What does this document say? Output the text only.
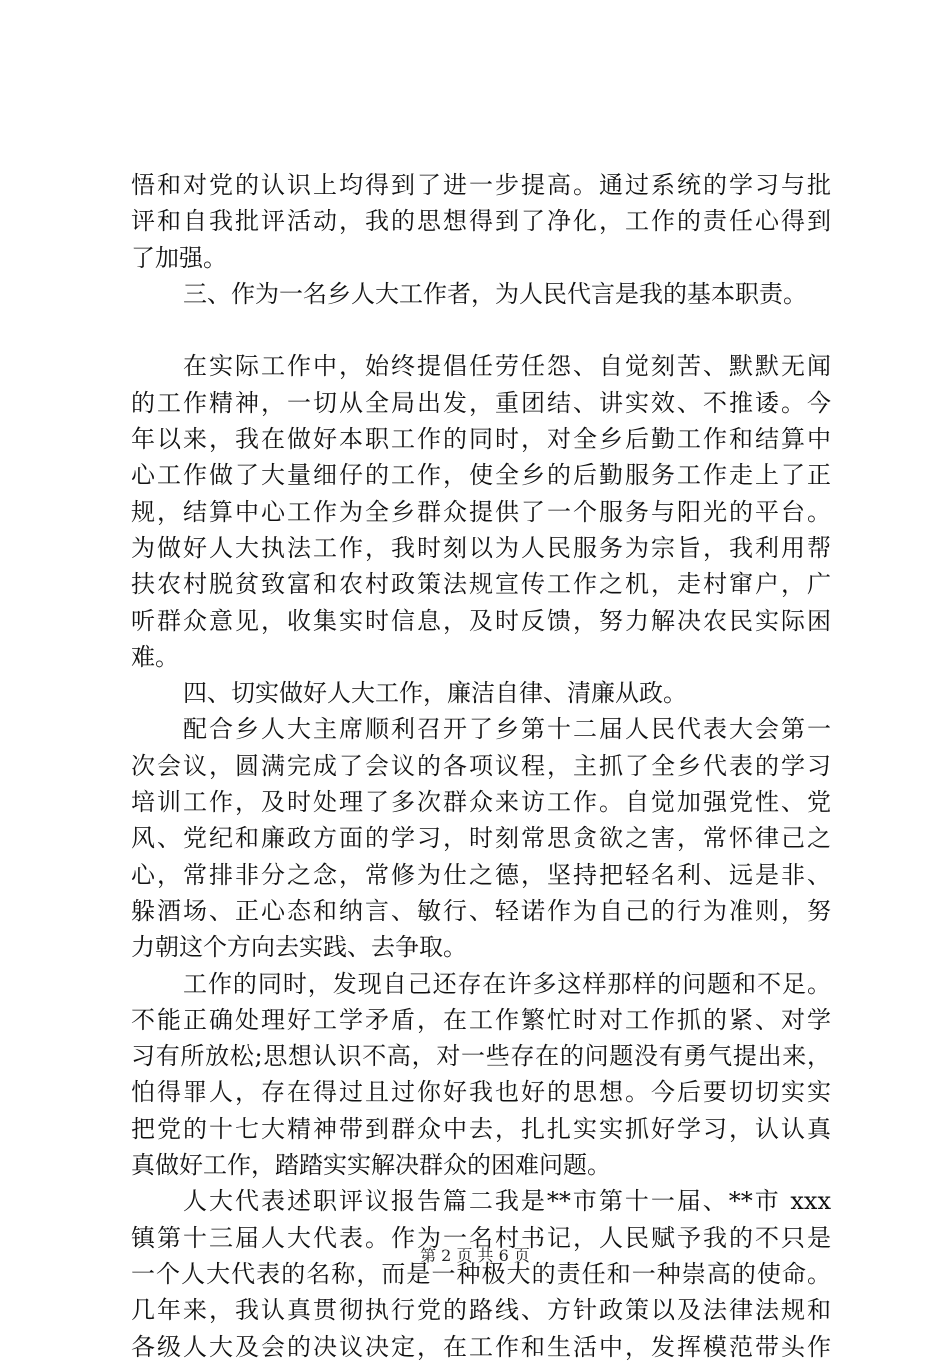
悟和对党的认识上均得到了进一步提高。通过系统的学习与批
评和自我批评活动，我的思想得到了净化，工作的责任心得到
了加强。
三、作为一名乡人大工作者，为人民代言是我的基本职责。
在实际工作中，始终提倡任劳任怨、自觉刻苦、默默无闻
的工作精神，一切从全局出发，重团结、讲实效、不推诿。今
年以来，我在做好本职工作的同时，对全乡后勤工作和结算中
心工作做了大量细仔的工作，使全乡的后勤服务工作走上了正
规，结算中心工作为全乡群众提供了一个服务与阳光的平台。
为做好人大执法工作，我时刻以为人民服务为宗旨，我利用帮
扶农村脱贫致富和农村政策法规宣传工作之机，走村窜户，广
听群众意见，收集实时信息，及时反馈，努力解决农民实际困
难。
四、切实做好人大工作，廉洁自律、清廉从政。
配合乡人大主席顺利召开了乡第十二届人民代表大会第一
次会议，圆满完成了会议的各项议程，主抓了全乡代表的学习
培训工作，及时处理了多次群众来访工作。自觉加强党性、党
风、党纪和廉政方面的学习，时刻常思贪欲之害，常怀律己之
心，常排非分之念，常修为仕之德，坚持把轻名利、远是非、
躲酒场、正心态和纳言、敏行、轻诺作为自己的行为准则，努
力朝这个方向去实践、去争取。
工作的同时，发现自己还存在许多这样那样的问题和不足。
不能正确处理好工学矛盾，在工作繁忙时对工作抓的紧、对学
习有所放松;思想认识不高，对一些存在的问题没有勇气提出来，
怕得罪人，存在得过且过你好我也好的思想。今后要切切实实
把党的十七大精神带到群众中去，扎扎实实抓好学习，认认真
真做好工作，踏踏实实解决群众的困难问题。
人大代表述职评议报告篇二我是**市第十一届、**市 xxx
镇第十三届人大代表。作为一名村书记，人民赋予我的不只是
一个人大代表的名称，而是一种极大的责任和一种崇高的使命。
几年来，我认真贯彻执行党的路线、方针政策以及法律法规和
各级人大及会的决议决定，在工作和生活中，发挥模范带头作
第 2 页 共 6 页
